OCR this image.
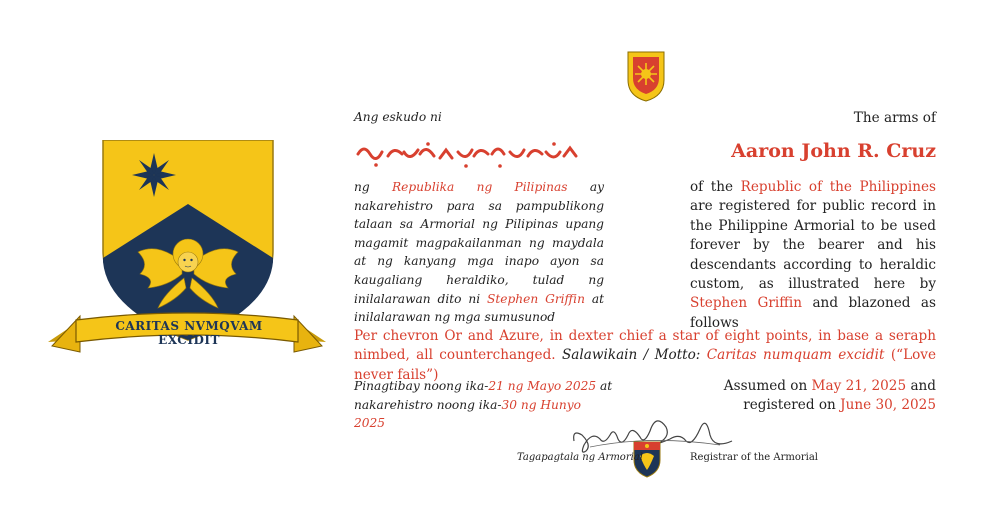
CARITAS NVMQVAM EXCIDIT
Ang eskudo ni	The arms of
Aaron John R. Cruz
ng Republika ng Pilipinas ay nakarehistro para sa pampublikong talaan sa Armorial ng Pilipinas upang magamit magpakailanman ng maydala at ng kanyang mga inapo ayon sa kaugaliang heraldiko, tulad ng inilalarawan dito ni Stephen Griffin at inilalarawan ng mga sumusunod
of the Republic of the Philippines are registered for public record in the Philippine Armorial to be used forever by the bearer and his descendants according to heraldic custom, as illustrated here by Stephen Griffin and blazoned as follows
Per chevron Or and Azure, in dexter chief a star of eight points, in base a seraph nimbed, all counterchanged. Salawikain / Motto: Caritas numquam excidit (“Love never fails”)
Pinagtibay noong ika-21 ng Mayo 2025 at
nakarehistro noong ika-30 ng Hunyo 2025
Assumed on May 21, 2025 and
registered on June 30, 2025
Tagapagtala ng Armorial	Registrar of the Armorial
